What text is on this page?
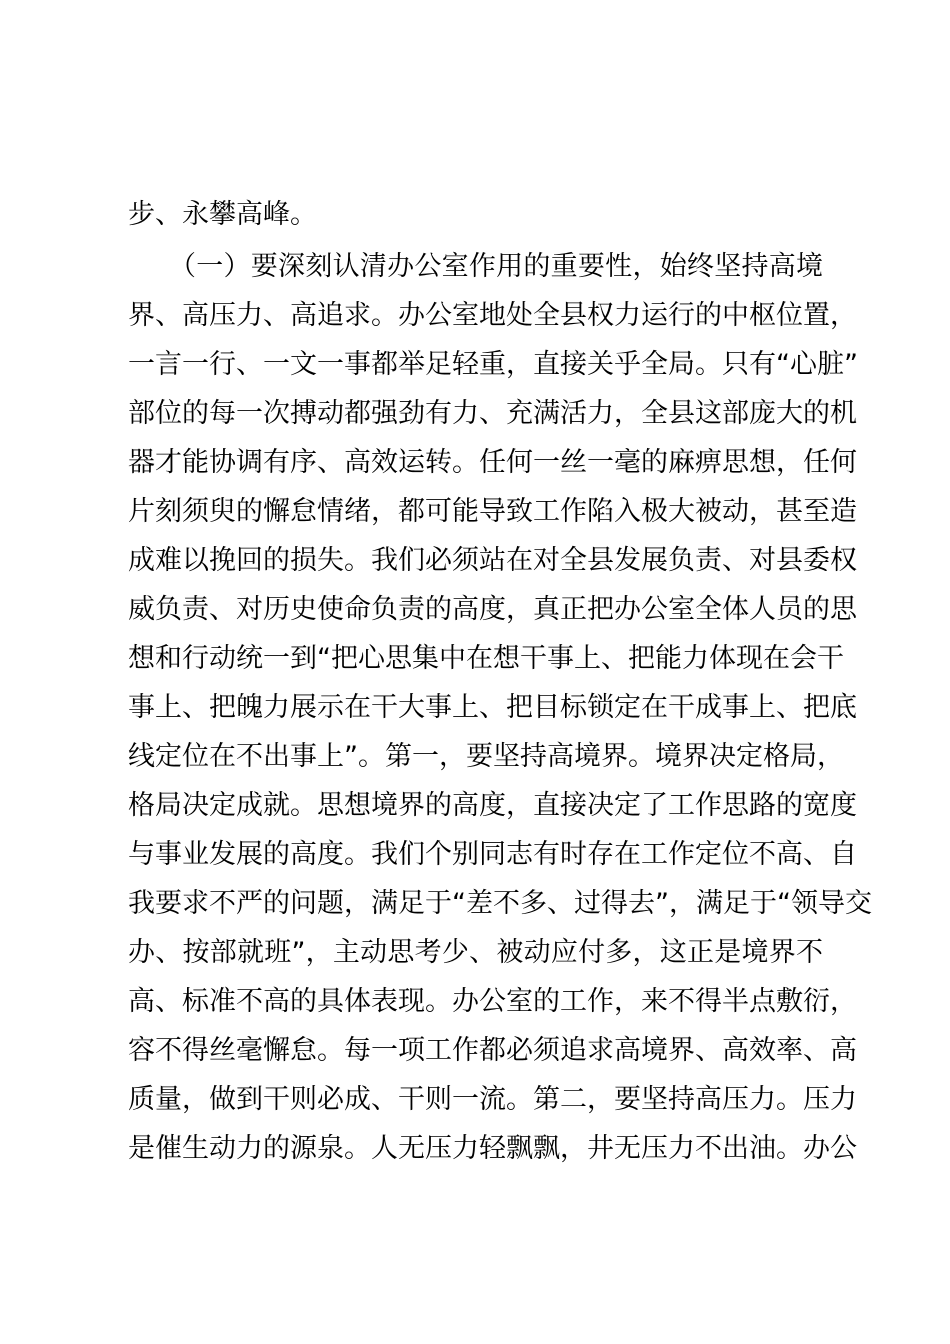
步、永攀高峰。
　　（一）要深刻认清办公室作用的重要性，始终坚持高境
界、高压力、高追求。办公室地处全县权力运行的中枢位置，
一言一行、一文一事都举足轻重，直接关乎全局。只有“心脏”
部位的每一次搏动都强劲有力、充满活力，全县这部庞大的机
器才能协调有序、高效运转。任何一丝一毫的麻痹思想，任何
片刻须臾的懈怠情绪，都可能导致工作陷入极大被动，甚至造
成难以挽回的损失。我们必须站在对全县发展负责、对县委权
威负责、对历史使命负责的高度，真正把办公室全体人员的思
想和行动统一到“把心思集中在想干事上、把能力体现在会干
事上、把魄力展示在干大事上、把目标锁定在干成事上、把底
线定位在不出事上”。第一，要坚持高境界。境界决定格局，
格局决定成就。思想境界的高度，直接决定了工作思路的宽度
与事业发展的高度。我们个别同志有时存在工作定位不高、自
我要求不严的问题，满足于“差不多、过得去”，满足于“领导交
办、按部就班”，主动思考少、被动应付多，这正是境界不
高、标准不高的具体表现。办公室的工作，来不得半点敷衍，
容不得丝毫懈怠。每一项工作都必须追求高境界、高效率、高
质量，做到干则必成、干则一流。第二，要坚持高压力。压力
是催生动力的源泉。人无压力轻飘飘，井无压力不出油。办公
